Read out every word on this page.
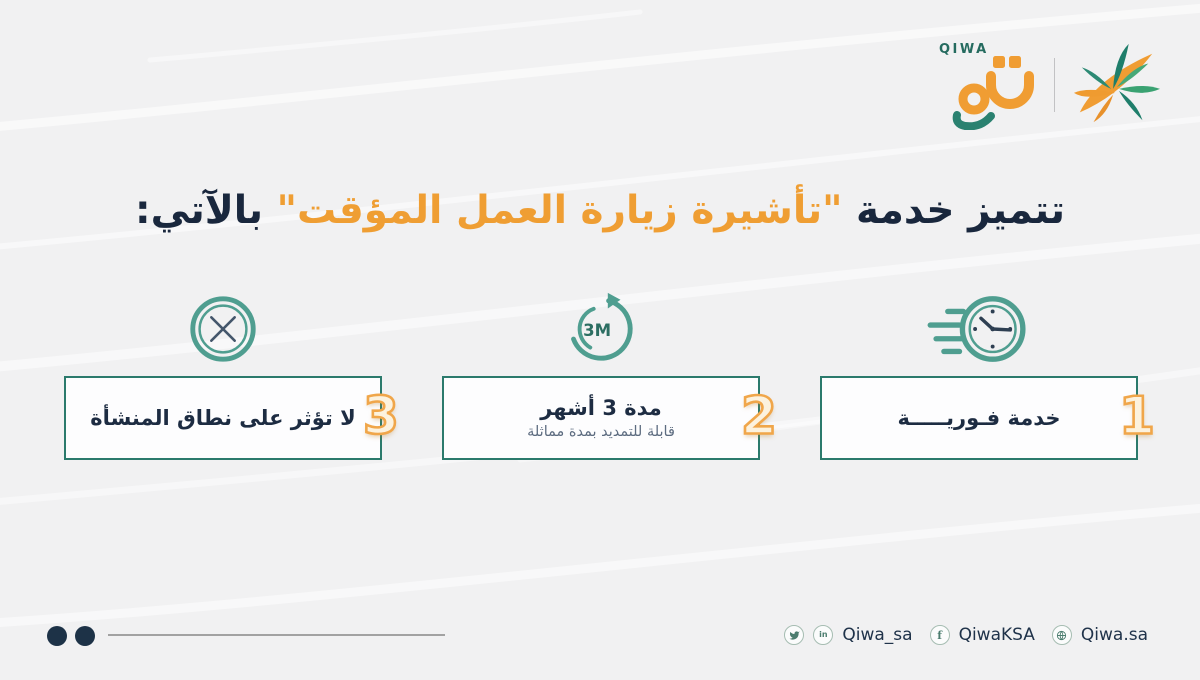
QIWA
تتميز خدمة "تأشيرة زيارة العمل المؤقت" بالآتي:
خدمة فـوريـــــة 1
3M
مدة 3 أشهر
قابلة للتمديد بمدة مماثلة 2
لا تؤثر على نطاق المنشأة 3
in Qiwa_sa f QiwaKSA	Qiwa.sa
